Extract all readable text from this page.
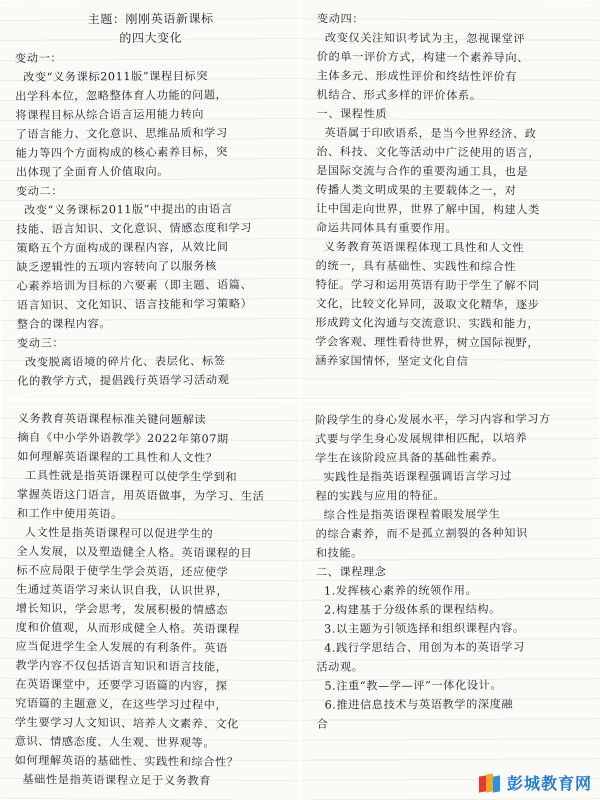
主题：刚刚英语新课标
的四大变化
变动一：
改变“义务课标2011版”课程目标突
出学科本位，忽略整体育人功能的问题，
将课程目标从综合语言运用能力转向
了语言能力、文化意识、思维品质和学习
能力等四个方面构成的核心素养目标，突
出体现了全面育人价值取向。
变动二：
改变“义务课标2011版”中提出的由语言
技能、语言知识、文化意识、情感态度和学习
策略五个方面构成的课程内容，从效比间
缺乏逻辑性的五项内容转向了以服务核
心素养培训为目标的六要素（即主题、语篇、
语言知识、文化知识、语言技能和学习策略）
整合的课程内容。
变动三：
改变脱离语境的碎片化、表层化、标签
化的教学方式，提倡践行英语学习活动观
变动四：
改变仅关注知识考试为主，忽视课堂评
价的单一评价方式，构建一个素养导向、
主体多元、形成性评价和终结性评价有
机结合、形式多样的评价体系。
一、课程性质
英语属于印欧语系，是当今世界经济、政
治、科技、文化等活动中广泛使用的语言，
是国际交流与合作的重要沟通工具，也是
传播人类文明成果的主要载体之一，对
让中国走向世界，世界了解中国，构建人类
命运共同体具有重要作用。
义务教育英语课程体现工具性和人文性
的统一，具有基础性、实践性和综合性
特征。学习和运用英语有助于学生了解不同
文化，比较文化异同，汲取文化精华，逐步
形成跨文化沟通与交流意识、实践和能力，
学会客观、理性看待世界，树立国际视野，
涵养家国情怀，坚定文化自信
义务教育英语课程标准关键问题解读
摘自《中小学外语教学》2022年第07期
如何理解英语课程的工具性和人文性？
工具性就是指英语课程可以使学生学到和
掌握英语这门语言，用英语做事，为学习、生活
和工作中使用英语。
人文性是指英语课程可以促进学生的
全人发展，以及塑造健全人格。英语课程的目
标不应局限于使学生学会英语，还应使学
生通过英语学习来认识自我，认识世界，
增长知识，学会思考，发展积极的情感态
度和价值观，从而形成健全人格。英语课程
应当促进学生全人发展的有利条件。英语
教学内容不仅包括语言知识和语言技能，
在英语课堂中，还要学习语篇的内容，探
究语篇的主题意义，在这些学习过程中，
学生要学习人文知识、培养人文素养、文化
意识、情感态度、人生观、世界观等。
如何理解英语的基础性、实践性和综合性？
基础性是指英语课程立足于义务教育
阶段学生的身心发展水平，学习内容和学习方
式要与学生身心发展规律相匹配，以培养
学生在该阶段应具备的基础性素养。
实践性是指英语课程强调语言学习过
程的实践与应用的特征。
综合性是指英语课程着眼发展学生
的综合素养，而不是孤立割裂的各种知识
和技能。
二、课程理念
1.发挥核心素养的统领作用。
2.构建基于分级体系的课程结构。
3.以主题为引领选择和组织课程内容。
4.践行学思结合、用创为本的英语学习
活动观。
5.注重“教—学—评”一体化设计。
6.推进信息技术与英语教学的深度融
合
彭城教育网
